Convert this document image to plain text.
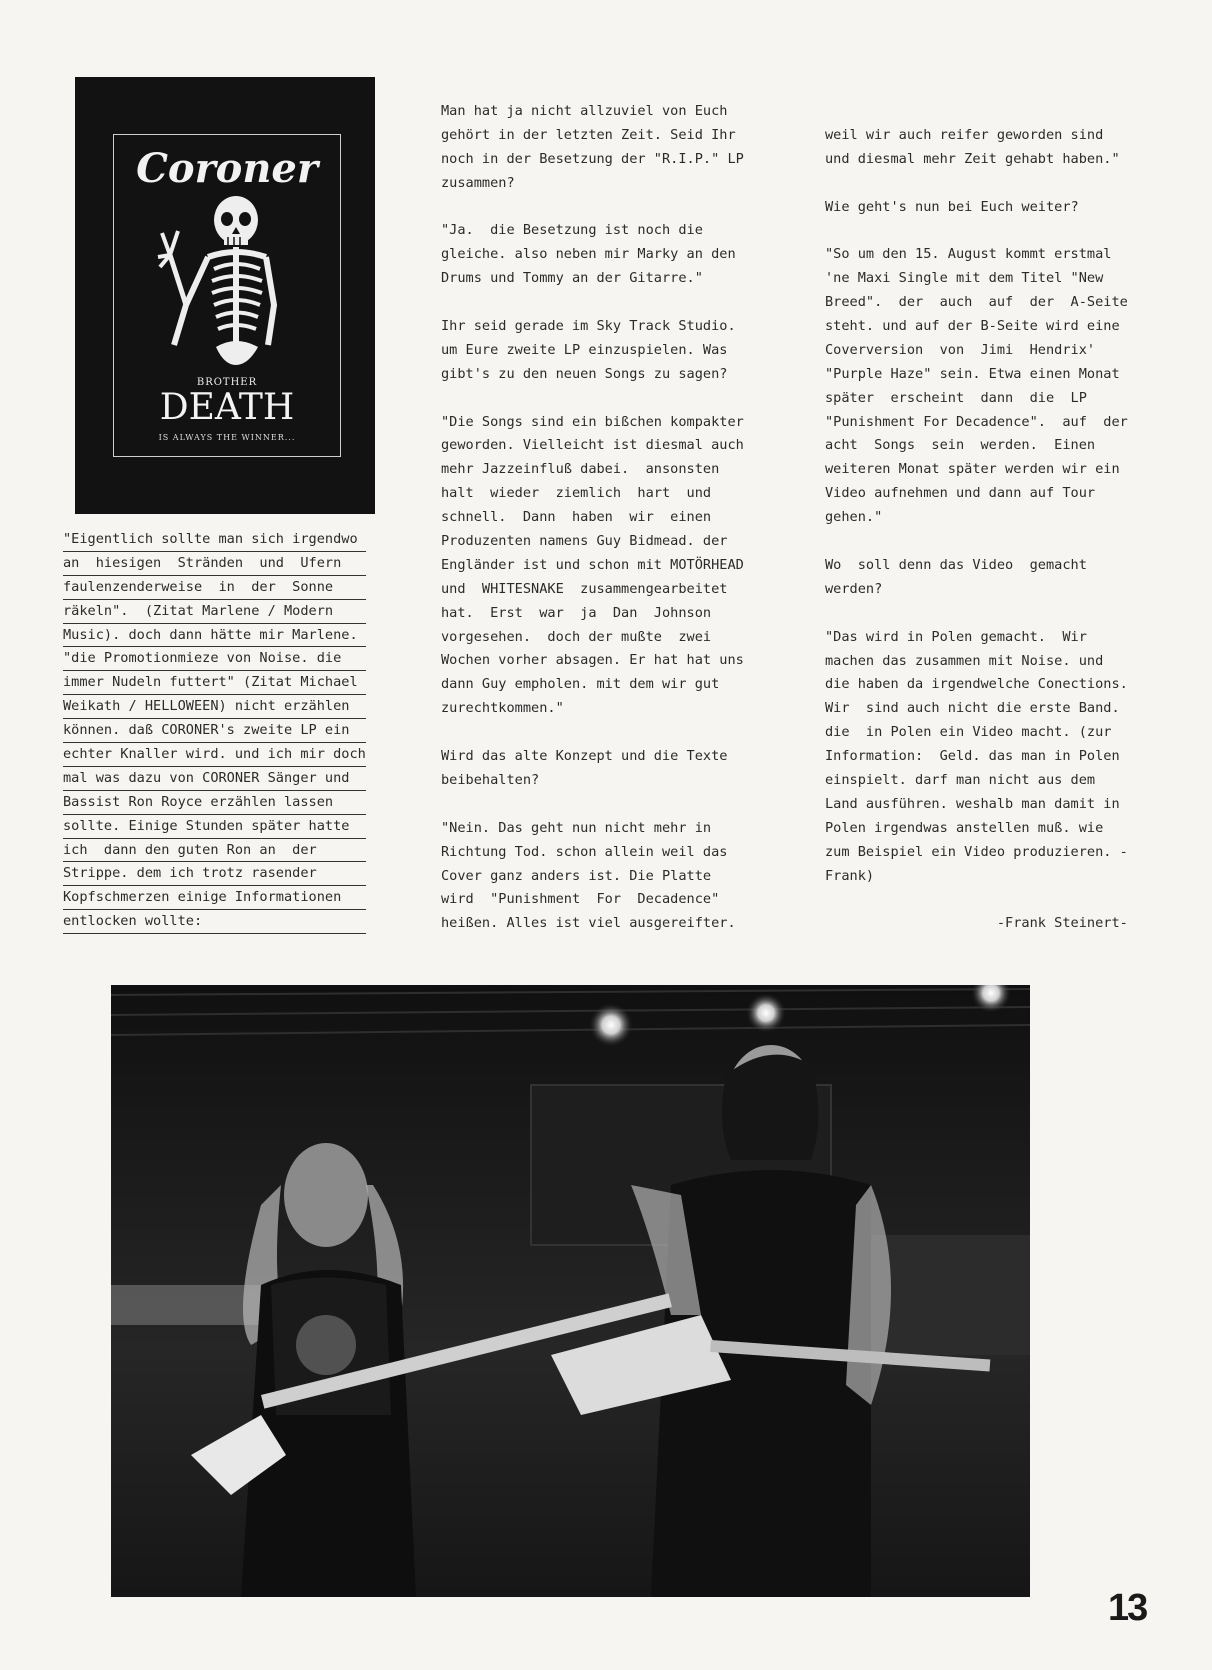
Coroner
BROTHER
DEATH
IS ALWAYS THE WINNER...
"Eigentlich sollte man sich irgendwo
an  hiesigen  Stränden  und  Ufern
faulenzenderweise  in  der  Sonne
räkeln".  (Zitat Marlene / Modern
Music). doch dann hätte mir Marlene.
"die Promotionmieze von Noise. die
immer Nudeln futtert" (Zitat Michael
Weikath / HELLOWEEN) nicht erzählen
können. daß CORONER's zweite LP ein
echter Knaller wird. und ich mir doch
mal was dazu von CORONER Sänger und
Bassist Ron Royce erzählen lassen
sollte. Einige Stunden später hatte
ich  dann den guten Ron an  der
Strippe. dem ich trotz rasender
Kopfschmerzen einige Informationen
entlocken wollte:
Man hat ja nicht allzuviel von Euch
gehört in der letzten Zeit. Seid Ihr
noch in der Besetzung der "R.I.P." LP
zusammen?
"Ja.  die Besetzung ist noch die
gleiche. also neben mir Marky an den
Drums und Tommy an der Gitarre."
Ihr seid gerade im Sky Track Studio.
um Eure zweite LP einzuspielen. Was
gibt's zu den neuen Songs zu sagen?
"Die Songs sind ein bißchen kompakter
geworden. Vielleicht ist diesmal auch
mehr Jazzeinfluß dabei.  ansonsten
halt  wieder  ziemlich  hart  und
schnell.  Dann  haben  wir  einen
Produzenten namens Guy Bidmead. der
Engländer ist und schon mit MOTÖRHEAD
und  WHITESNAKE  zusammengearbeitet
hat.  Erst  war  ja  Dan  Johnson
vorgesehen.  doch der mußte  zwei
Wochen vorher absagen. Er hat hat uns
dann Guy empholen. mit dem wir gut
zurechtkommen."
Wird das alte Konzept und die Texte
beibehalten?
"Nein. Das geht nun nicht mehr in
Richtung Tod. schon allein weil das
Cover ganz anders ist. Die Platte
wird  "Punishment  For  Decadence"
heißen. Alles ist viel ausgereifter.

weil wir auch reifer geworden sind
und diesmal mehr Zeit gehabt haben."
Wie geht's nun bei Euch weiter?
"So um den 15. August kommt erstmal
'ne Maxi Single mit dem Titel "New
Breed".  der  auch  auf  der  A-Seite
steht. und auf der B-Seite wird eine
Coverversion  von  Jimi  Hendrix'
"Purple Haze" sein. Etwa einen Monat
später  erscheint  dann  die  LP
"Punishment For Decadence".  auf  der
acht  Songs  sein  werden.  Einen
weiteren Monat später werden wir ein
Video aufnehmen und dann auf Tour
gehen."
Wo  soll denn das Video  gemacht
werden?
"Das wird in Polen gemacht.  Wir
machen das zusammen mit Noise. und
die haben da irgendwelche Conections.
Wir  sind auch nicht die erste Band.
die  in Polen ein Video macht. (zur
Information:  Geld. das man in Polen
einspielt. darf man nicht aus dem
Land ausführen. weshalb man damit in
Polen irgendwas anstellen muß. wie
zum Beispiel ein Video produzieren. -
Frank)
-Frank Steinert-
13
